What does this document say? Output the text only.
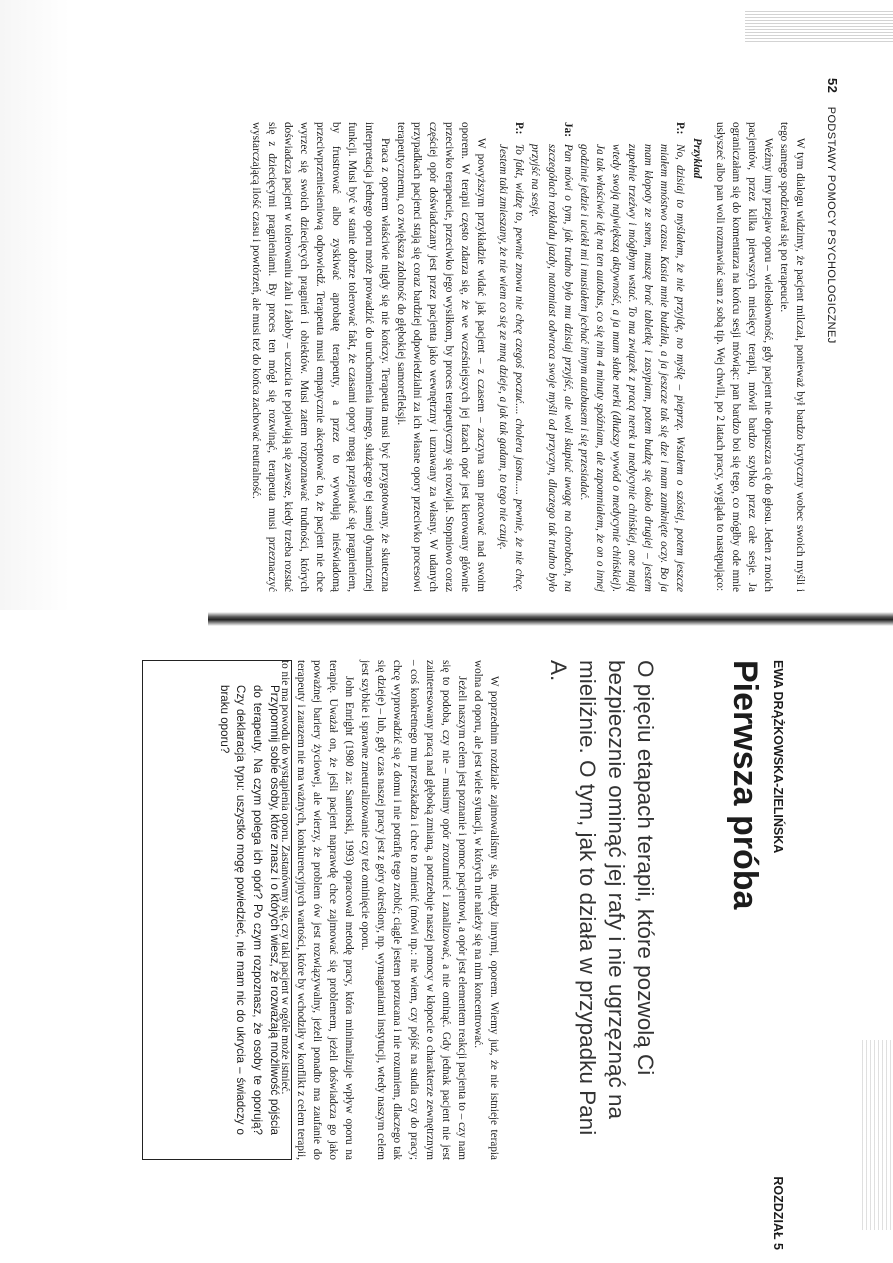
52 PODSTAWY POMOCY PSYCHOLOGICZNEJ

W tym dialogu widzimy, że pacjent milczał, ponieważ był bardzo krytyczny wobec swoich myśli i tego samego spodziewał się po terapeucie.

Weźmy inny przejaw oporu – wielosłowność, gdy pacjent nie dopuszcza cię do głosu. Jeden z moich pacjentów, przez kilka pierwszych miesięcy terapii, mówił bardzo szybko przez całe sesje. Ja ograniczałam się do komentarza na końcu sesji mówiąc: pan bardzo boi się tego, co mógłby ode mnie usłyszeć albo pan woli rozmawiać sam z sobą tip. Wej chwili, po 2 latach pracy, wygląda to następująco:

Przykład

P.:
No, dzisiaj to myślałem, że nie przyjdę, no myślę – pieprzę. Wstałem o szóstej, potem jeszcze miałem mnóstwo czasu. Kasia mnie budziła, a ja jeszcze tak się dze i mam zamknięte oczy. Bo ja mam kłopoty ze snem, muszę brać tabletkę i zasypiam, potem budzę się około drugiej – jestem zupełnie trzeźwy i mógłbym wstać. To ma związek z pracą nerek u medycynie chińskiej, one mają wtedy swoją największą aktywność, a ja mam słabe nerki (dłuższy wywód o medycynie chińskiej). Ja tak właściwie idę na ten autobus, co się nim 4 minuty spóźniam, ale zapomniałem, że on o innej godzinie jedzie i uciekł mi i musiałem jechać innym autobusem i się przesiadać.
Ja:
Pan mówi o tym, jak trudno było mu dzisiaj przyjść, ale woli skupiać uwagę na chorobach, na szczegółach rozkładu jazdy, natomiast odwraca swoje myśli od przyczyn, dlaczego tak trudno było przyjść na sesję.
P.:
To fakt, widzę to, pewnie znowu nie chcę czegoś poczuć.... cholera jasna..... pewnie, że nie chcę. Jestem taki zmieszany, że nie wiem co się ze mną dzieje, a jak tak gadam, to tego nie czuję.

W powyższym przykładzie widać jak pacjent – z czasem – zaczyna sam pracować nad swoim oporem. W terapii często zdarza się, że we wcześniejszych jej fazach opór jest kierowany głównie przeciwko terapeucie, przeciwko jego wysiłkom, by proces terapeutyczny się rozwijał. Stopniowo coraz częściej opór doświadczany jest przez pacjenta jako wewnętrzny i uznawany za własny. W udanych przypadkach pacjenci stają się coraz bardziej odpowiedzialni za ich własne opory przeciwko procesowi terapeutycznemu, co zwiększa zdolność do głębokiej samorefleksji.

Praca z oporem właściwie nigdy się nie kończy. Terapeuta musi być przygotowany, że skuteczna interpretacja jednego oporu może prowadzić do uruchomienia innego, służącego tej samej dynamicznej funkcji. Musi być w stanie dobrze tolerować fakt, że czasami opory mogą przejawiać się pragnieniem, by frustrować albo zyskiwać aprobatę terapeuty, a przez to wywołują nieświadomą przeciwprzeniesieniową odpowiedź. Terapeuta musi empatycznie akceptować to, że pacjent nie chce wyrzec się swoich dziecięcych pragnień i obiektów. Musi zatem rozpoznawać trudności, których doświadcza pacjent w tolerowaniu żalu i żałoby – uczucia te pojawiają się zawsze, kiedy trzeba rozstać się z dziecięcymi pragnieniami. By proces ten mógł się rozwinąć, terapeuta musi przeznaczyć wystarczającą ilość czasu i powtórzeń, ale musi też do końca zachować neutralność.

EWA DRĄŻKOWSKA-ZIELIŃSKA
ROZDZIAŁ 5
Pierwsza próba
O pięciu etapach terapii, które pozwolą Ci bezpiecznie ominąć jej rafy i nie ugrzęznąć na mieliźnie. O tym, jak to działa w przypadku Pani A.

W poprzednim rozdziale zajmowaliśmy się, między innymi, oporem. Wiemy już, że nie istnieje terapia wolna od oporu, ale jest wiele sytuacji, w których nie należy się na nim koncentrować.

Jeżeli naszym celem jest poznanie i pomoc pacjentowi, a opór jest elementem reakcji pacjenta to – czy nam się to podoba, czy nie – musimy opór zrozumieć i zanalizować, a nie ominąć. Gdy jednak pacjent nie jest zainteresowany pracą nad głęboką zmianą, a potrzebuje naszej pomocy w kłopocie o charakterze zewnętrznym – coś konkretnego mu przeszkadza i chce to zmienić (mówi np.: nie wiem, czy pójść na studia czy do pracy; chcę wyprowadzić się z domu i nie potrafię tego zrobić; ciągle jestem porzucana i nie rozumiem, dlaczego tak się dzieje) – lub, gdy czas naszej pracy jest z góry określony, np. wymaganiami instytucji, wtedy naszym celem jest szybkie i sprawne zneutralizowanie czy też ominięcie oporu.

John Enright (1980 za: Santorski, 1993) opracował metodę pracy, która minimalizuje wpływ oporu na terapię. Uważał on, że jeśli pacjent naprawdę chce zajmować się problemem, jeżeli doświadcza go jako poważnej bariery życiowej, ale wierzy, że problem ów jest rozwiązywalny, jeżeli ponadto ma zaufanie do terapeuty i zarazem nie ma ważnych, konkurencyjnych wartości, które by wchodziły w konflikt z celem terapii, to nie ma powodu do wystąpienia oporu. Zastanówmy się, czy taki pacjent w ogóle może istnieć.

Przypomnij sobie osoby, które znasz i o których wiesz, że rozważają możliwość pójścia do terapeuty. Na czym polega ich opór? Po czym rozpoznasz, że osoby te oporują? Czy deklaracja typu: uszystko mogę powiedzieć, nie mam nic do ukrycia – świadczy o braku oporu?
